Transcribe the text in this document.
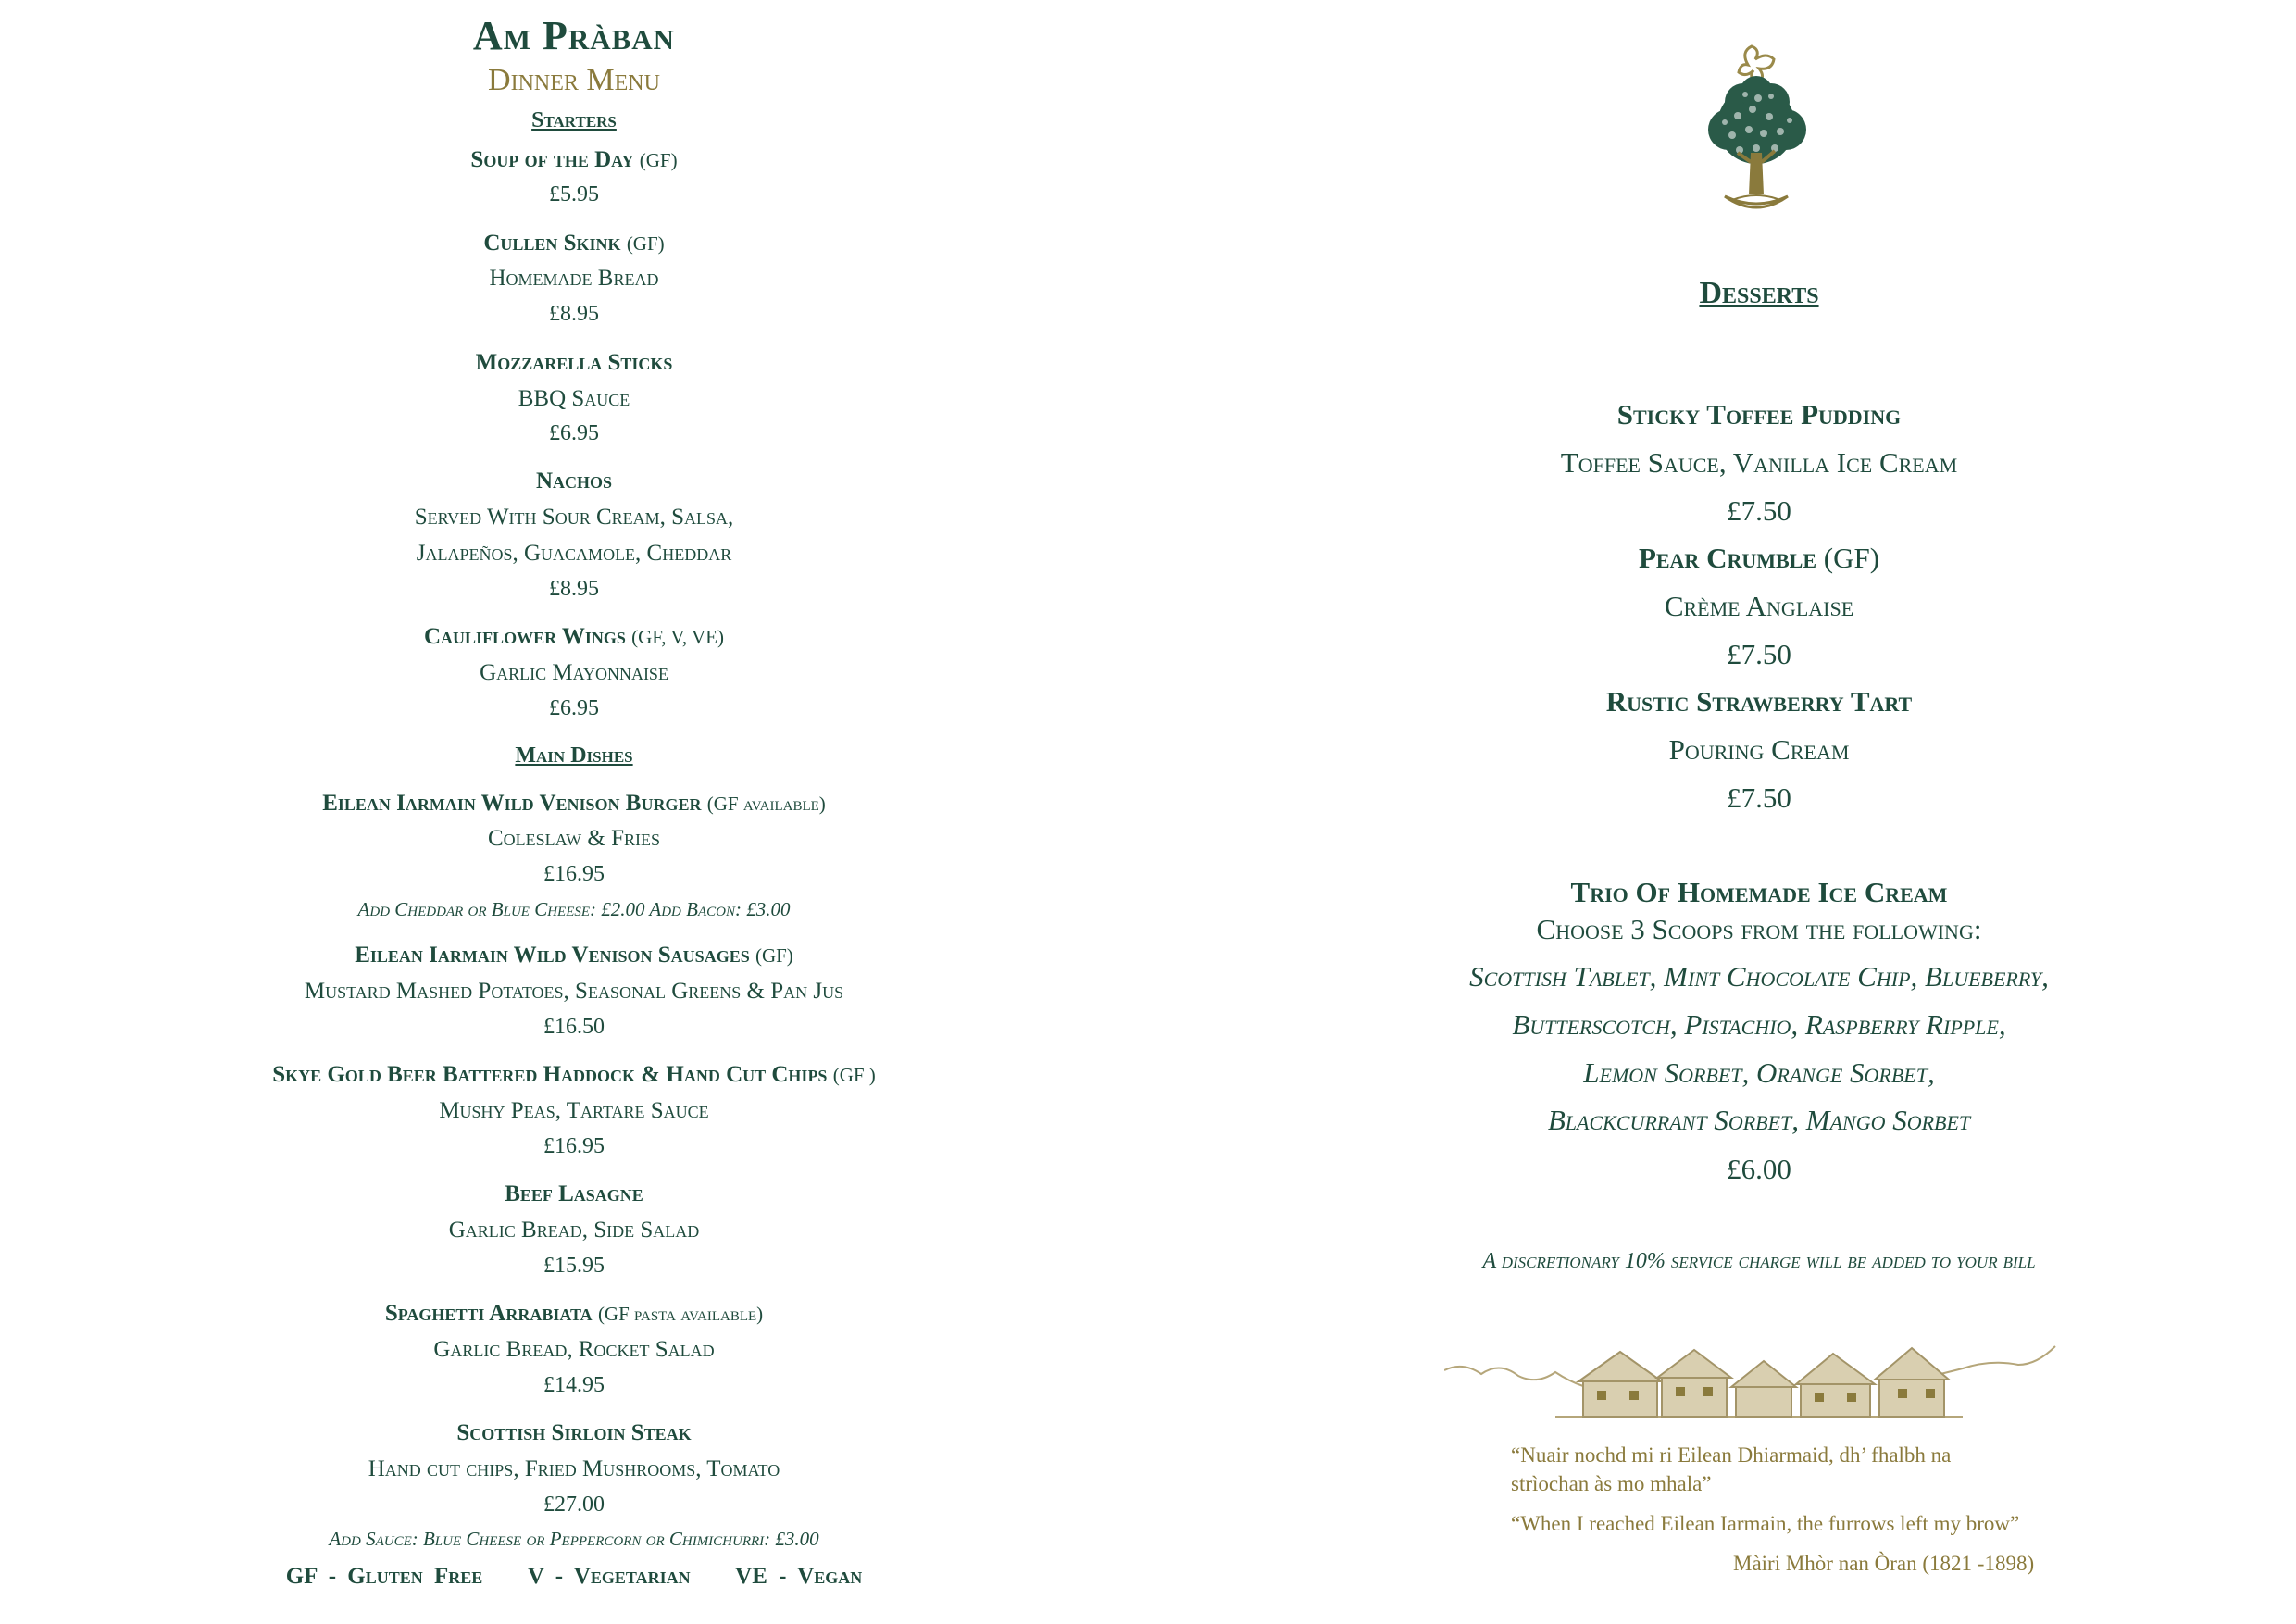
Am Pràban
Dinner Menu
Starters
Soup of the Day (GF)
£5.95
Cullen Skink (GF)
Homemade Bread
£8.95
Mozzarella Sticks
BBQ Sauce
£6.95
Nachos
Served With Sour Cream, Salsa,
Jalapeños, Guacamole, Cheddar
£8.95
Cauliflower Wings (GF, V, VE)
Garlic Mayonnaise
£6.95
Main Dishes
Eilean Iarmain Wild Venison Burger (GF available)
Coleslaw & Fries
£16.95
Add Cheddar or Blue Cheese: £2.00 Add Bacon: £3.00
Eilean Iarmain Wild Venison Sausages (GF)
Mustard Mashed Potatoes, Seasonal Greens & Pan Jus
£16.50
Skye Gold Beer Battered Haddock & Hand Cut Chips (GF )
Mushy Peas, Tartare Sauce
£16.95
Beef Lasagne
Garlic Bread, Side Salad
£15.95
Spaghetti Arrabiata (GF pasta available)
Garlic Bread, Rocket Salad
£14.95
Scottish Sirloin Steak
Hand cut chips, Fried Mushrooms, Tomato
£27.00
Add Sauce: Blue Cheese or Peppercorn or Chimichurri: £3.00
GF - Gluten Free V - Vegetarian VE - Vegan
Desserts
Sticky Toffee Pudding
Toffee Sauce, Vanilla Ice Cream
£7.50
Pear Crumble (GF)
Crème Anglaise
£7.50
Rustic Strawberry Tart
Pouring Cream
£7.50
Trio Of Homemade Ice Cream
Choose 3 Scoops from the following:
Scottish Tablet, Mint Chocolate Chip, Blueberry,
Butterscotch, Pistachio, Raspberry Ripple,
Lemon Sorbet, Orange Sorbet,
Blackcurrant Sorbet, Mango Sorbet
£6.00
A discretionary 10% service charge will be added to your bill
“Nuair nochd mi ri Eilean Dhiarmaid, dh’ fhalbh na
strìochan às mo mhala”
“When I reached Eilean Iarmain, the furrows left my brow”
Màiri Mhòr nan Òran (1821 -1898)
